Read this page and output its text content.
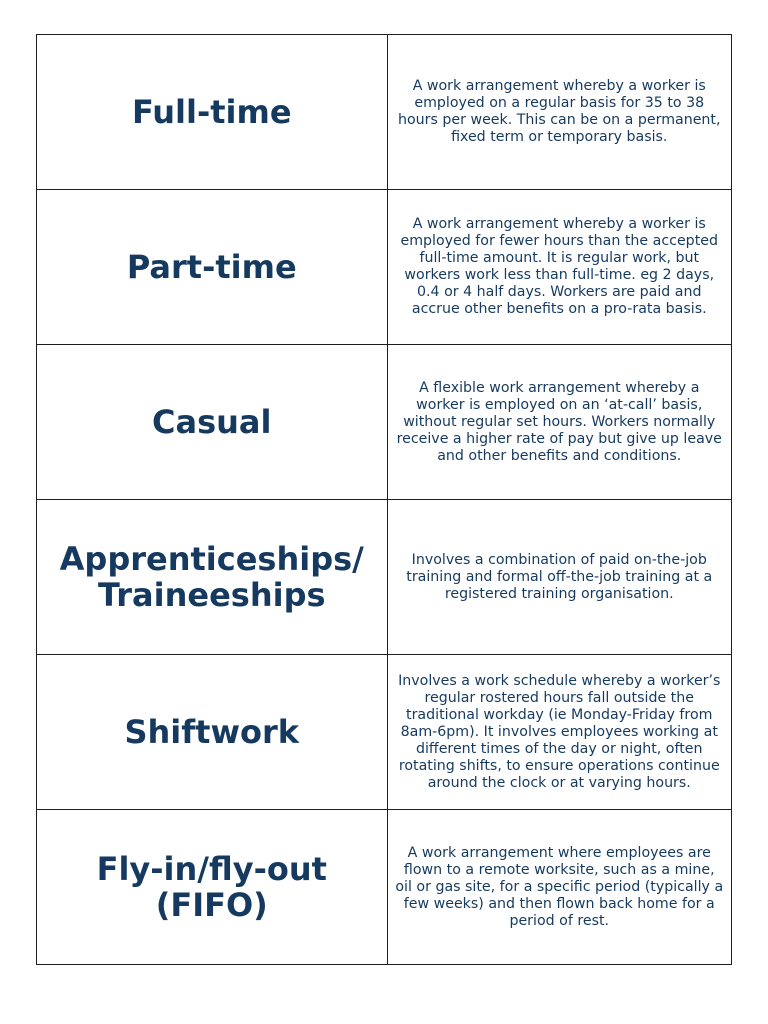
Full-time	A work arrangement whereby a worker is employed on a regular basis for 35 to 38 hours per week. This can be on a permanent, fixed term or temporary basis.
Part-time	A work arrangement whereby a worker is employed for fewer hours than the accepted full-time amount. It is regular work, but workers work less than full-time. eg 2 days, 0.4 or 4 half days. Workers are paid and accrue other benefits on a pro-rata basis.
Casual	A flexible work arrangement whereby a worker is employed on an ‘at-call’ basis, without regular set hours. Workers normally receive a higher rate of pay but give up leave and other benefits and conditions.
Apprenticeships/ Traineeships	Involves a combination of paid on-the-job training and formal off-the-job training at a registered training organisation.
Shiftwork	Involves a work schedule whereby a worker’s regular rostered hours fall outside the traditional workday (ie Monday-Friday from 8am-6pm). It involves employees working at different times of the day or night, often rotating shifts, to ensure operations continue around the clock or at varying hours.
Fly-in/fly-out (FIFO)	A work arrangement where employees are flown to a remote worksite, such as a mine, oil or gas site, for a specific period (typically a few weeks) and then flown back home for a period of rest.
